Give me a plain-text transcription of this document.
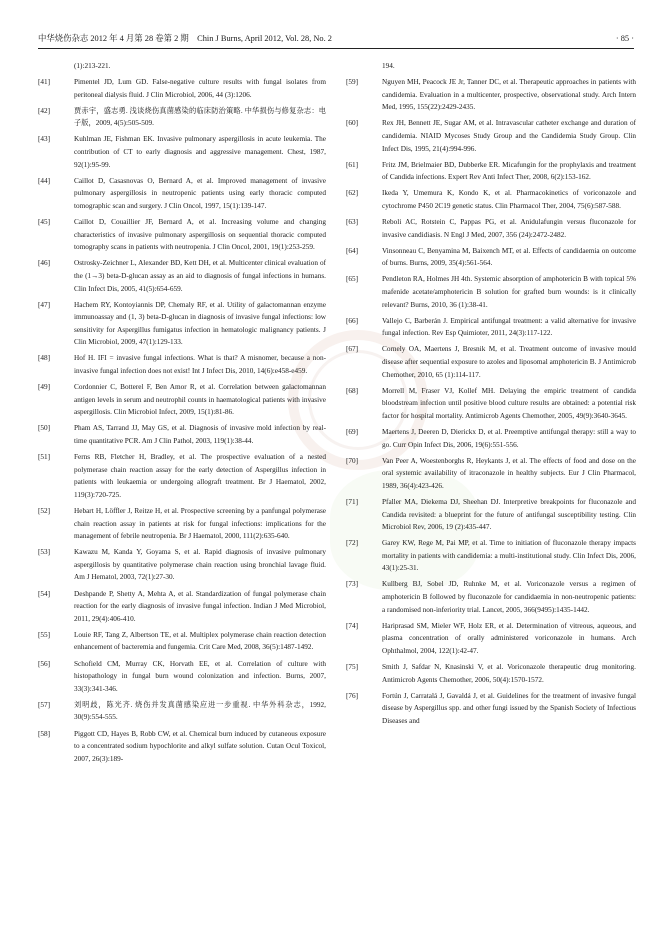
中华烧伤杂志 2012 年 4 月第 28 卷第 2 期　Chin J Burns, April 2012, Vol. 28, No. 2	· 85 ·
(1):213-221.
[41]	Pimentel JD, Lum GD. False-negative culture results with fungal isolates from peritoneal dialysis fluid. J Clin Microbiol, 2006, 44 (3):1206.
[42]	贾赤宇，盛志勇. 浅谈烧伤真菌感染的临床防治策略. 中华损伤与修复杂志：电子版，2009, 4(5):505-509.
[43]	Kuhlman JE, Fishman EK. Invasive pulmonary aspergillosis in acute leukemia. The contribution of CT to early diagnosis and aggressive management. Chest, 1987, 92(1):95-99.
[44]	Caillot D, Casasnovas O, Bernard A, et al. Improved management of invasive pulmonary aspergillosis in neutropenic patients using early thoracic computed tomographic scan and surgery. J Clin Oncol, 1997, 15(1):139-147.
[45]	Caillot D, Couaillier JF, Bernard A, et al. Increasing volume and changing characteristics of invasive pulmonary aspergillosis on sequential thoracic computed tomography scans in patients with neutropenia. J Clin Oncol, 2001, 19(1):253-259.
[46]	Ostrosky-Zeichner L, Alexander BD, Kett DH, et al. Multicenter clinical evaluation of the (1→3) beta-D-glucan assay as an aid to diagnosis of fungal infections in humans. Clin Infect Dis, 2005, 41(5):654-659.
[47]	Hachem RY, Kontoyiannis DP, Chemaly RF, et al. Utility of galactomannan enzyme immunoassay and (1, 3) beta-D-glucan in diagnosis of invasive fungal infections: low sensitivity for Aspergillus fumigatus infection in hematologic malignancy patients. J Clin Microbiol, 2009, 47(1):129-133.
[48]	Hof H. IFI = invasive fungal infections. What is that? A misnomer, because a non-invasive fungal infection does not exist! Int J Infect Dis, 2010, 14(6):e458-e459.
[49]	Cordonnier C, Botterel F, Ben Amor R, et al. Correlation between galactomannan antigen levels in serum and neutrophil counts in haematological patients with invasive aspergillosis. Clin Microbiol Infect, 2009, 15(1):81-86.
[50]	Pham AS, Tarrand JJ, May GS, et al. Diagnosis of invasive mold infection by real-time quantitative PCR. Am J Clin Pathol, 2003, 119(1):38-44.
[51]	Ferns RB, Fletcher H, Bradley, et al. The prospective evaluation of a nested polymerase chain reaction assay for the early detection of Aspergillus infection in patients with leukaemia or undergoing allograft treatment. Br J Haematol, 2002, 119(3):720-725.
[52]	Hebart H, Löffler J, Reitze H, et al. Prospective screening by a panfungal polymerase chain reaction assay in patients at risk for fungal infections: implications for the management of febrile neutropenia. Br J Haematol, 2000, 111(2):635-640.
[53]	Kawazu M, Kanda Y, Goyama S, et al. Rapid diagnosis of invasive pulmonary aspergillosis by quantitative polymerase chain reaction using bronchial lavage fluid. Am J Hematol, 2003, 72(1):27-30.
[54]	Deshpande P, Shetty A, Mehta A, et al. Standardization of fungal polymerase chain reaction for the early diagnosis of invasive fungal infection. Indian J Med Microbiol, 2011, 29(4):406-410.
[55]	Louie RF, Tang Z, Albertson TE, et al. Multiplex polymerase chain reaction detection enhancement of bacteremia and fungemia. Crit Care Med, 2008, 36(5):1487-1492.
[56]	Schofield CM, Murray CK, Horvath EE, et al. Correlation of culture with histopathology in fungal burn wound colonization and infection. Burns, 2007, 33(3):341-346.
[57]	刘明歧，陈光齐. 烧伤并发真菌感染应进一步重视. 中华外科杂志，1992, 30(9):554-555.
[58]	Piggott CD, Hayes B, Robb CW, et al. Chemical burn induced by cutaneous exposure to a concentrated sodium hypochlorite and alkyl sulfate solution. Cutan Ocul Toxicol, 2007, 26(3):189-
194.
[59]	Nguyen MH, Peacock JE Jr, Tanner DC, et al. Therapeutic approaches in patients with candidemia. Evaluation in a multicenter, prospective, observational study. Arch Intern Med, 1995, 155(22):2429-2435.
[60]	Rex JH, Bennett JE, Sugar AM, et al. Intravascular catheter exchange and duration of candidemia. NIAID Mycoses Study Group and the Candidemia Study Group. Clin Infect Dis, 1995, 21(4):994-996.
[61]	Fritz JM, Brielmaier BD, Dubberke ER. Micafungin for the prophylaxis and treatment of Candida infections. Expert Rev Anti Infect Ther, 2008, 6(2):153-162.
[62]	Ikeda Y, Umemura K, Kondo K, et al. Pharmacokinetics of voriconazole and cytochrome P450 2C19 genetic status. Clin Pharmacol Ther, 2004, 75(6):587-588.
[63]	Reboli AC, Rotstein C, Pappas PG, et al. Anidulafungin versus fluconazole for invasive candidiasis. N Engl J Med, 2007, 356 (24):2472-2482.
[64]	Vinsonneau C, Benyamina M, Baixench MT, et al. Effects of candidaemia on outcome of burns. Burns, 2009, 35(4):561-564.
[65]	Pendleton RA, Holmes JH 4th. Systemic absorption of amphotericin B with topical 5% mafenide acetate/amphotericin B solution for grafted burn wounds: is it clinically relevant? Burns, 2010, 36 (1):38-41.
[66]	Vallejo C, Barberán J. Empirical antifungal treatment: a valid alternative for invasive fungal infection. Rev Esp Quimioter, 2011, 24(3):117-122.
[67]	Cornely OA, Maertens J, Bresnik M, et al. Treatment outcome of invasive mould disease after sequential exposure to azoles and liposomal amphotericin B. J Antimicrob Chemother, 2010, 65 (1):114-117.
[68]	Morrell M, Fraser VJ, Kollef MH. Delaying the empiric treatment of candida bloodstream infection until positive blood culture results are obtained: a potential risk factor for hospital mortality. Antimicrob Agents Chemother, 2005, 49(9):3640-3645.
[69]	Maertens J, Deeren D, Dierickx D, et al. Preemptive antifungal therapy: still a way to go. Curr Opin Infect Dis, 2006, 19(6):551-556.
[70]	Van Peer A, Woestenborghs R, Heykants J, et al. The effects of food and dose on the oral systemic availability of itraconazole in healthy subjects. Eur J Clin Pharmacol, 1989, 36(4):423-426.
[71]	Pfaller MA, Diekema DJ, Sheehan DJ. Interpretive breakpoints for fluconazole and Candida revisited: a blueprint for the future of antifungal susceptibility testing. Clin Microbiol Rev, 2006, 19 (2):435-447.
[72]	Garey KW, Rege M, Pai MP, et al. Time to initiation of fluconazole therapy impacts mortality in patients with candidemia: a multi-institutional study. Clin Infect Dis, 2006, 43(1):25-31.
[73]	Kullberg BJ, Sobel JD, Ruhnke M, et al. Voriconazole versus a regimen of amphotericin B followed by fluconazole for candidaemia in non-neutropenic patients: a randomised non-inferiority trial. Lancet, 2005, 366(9495):1435-1442.
[74]	Hariprasad SM, Mieler WF, Holz ER, et al. Determination of vitreous, aqueous, and plasma concentration of orally administered voriconazole in humans. Arch Ophthalmol, 2004, 122(1):42-47.
[75]	Smith J, Safdar N, Knasinski V, et al. Voriconazole therapeutic drug monitoring. Antimicrob Agents Chemother, 2006, 50(4):1570-1572.
[76]	Fortún J, Carratalá J, Gavaldá J, et al. Guidelines for the treatment of invasive fungal disease by Aspergillus spp. and other fungi issued by the Spanish Society of Infectious Diseases and
